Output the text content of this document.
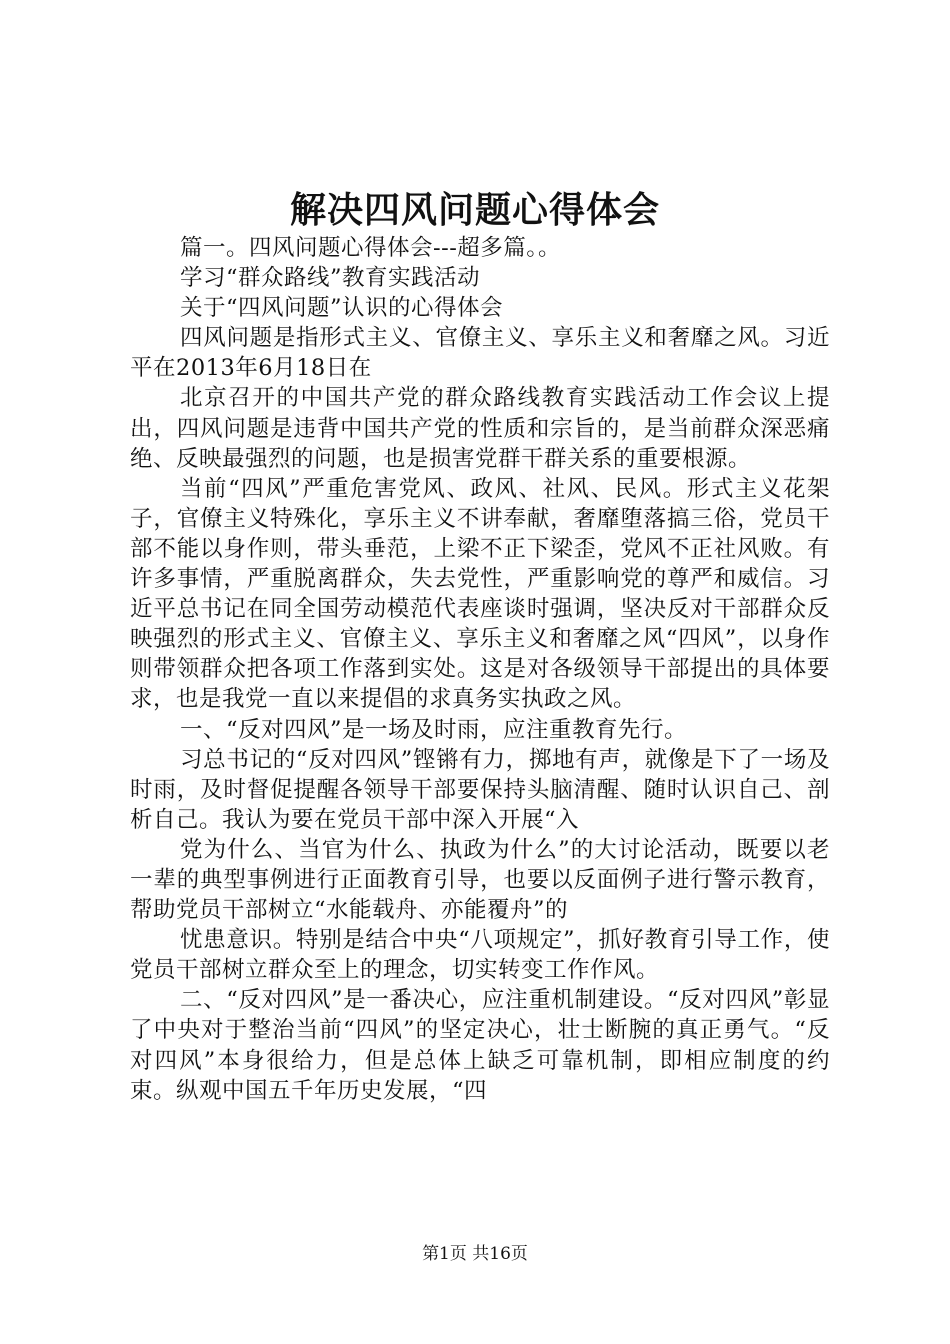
解决四风问题心得体会

篇一。四风问题心得体会---超多篇。。

学习“群众路线”教育实践活动

关于“四风问题”认识的心得体会

四风问题是指形式主义、官僚主义、享乐主义和奢靡之风。习近平在2013年6月18日在

北京召开的中国共产党的群众路线教育实践活动工作会议上提出，四风问题是违背中国共产党的性质和宗旨的，是当前群众深恶痛绝、反映最强烈的问题，也是损害党群干群关系的重要根源。

当前“四风”严重危害党风、政风、社风、民风。形式主义花架子，官僚主义特殊化，享乐主义不讲奉献，奢靡堕落搞三俗，党员干部不能以身作则，带头垂范，上梁不正下梁歪，党风不正社风败。有许多事情，严重脱离群众，失去党性，严重影响党的尊严和威信。习近平总书记在同全国劳动模范代表座谈时强调，坚决反对干部群众反映强烈的形式主义、官僚主义、享乐主义和奢靡之风“四风”，以身作则带领群众把各项工作落到实处。这是对各级领导干部提出的具体要求，也是我党一直以来提倡的求真务实执政之风。

一、“反对四风”是一场及时雨，应注重教育先行。

习总书记的“反对四风”铿锵有力，掷地有声，就像是下了一场及时雨，及时督促提醒各领导干部要保持头脑清醒、随时认识自己、剖析自己。我认为要在党员干部中深入开展“入

党为什么、当官为什么、执政为什么”的大讨论活动，既要以老一辈的典型事例进行正面教育引导，也要以反面例子进行警示教育，帮助党员干部树立“水能载舟、亦能覆舟”的

忧患意识。特别是结合中央“八项规定”，抓好教育引导工作，使党员干部树立群众至上的理念，切实转变工作作风。

二、“反对四风”是一番决心，应注重机制建设。“反对四风”彰显了中央对于整治当前“四风”的坚定决心，壮士断腕的真正勇气。“反对四风”本身很给力，但是总体上缺乏可靠机制，即相应制度的约束。纵观中国五千年历史发展，“四

第1页 共16页
